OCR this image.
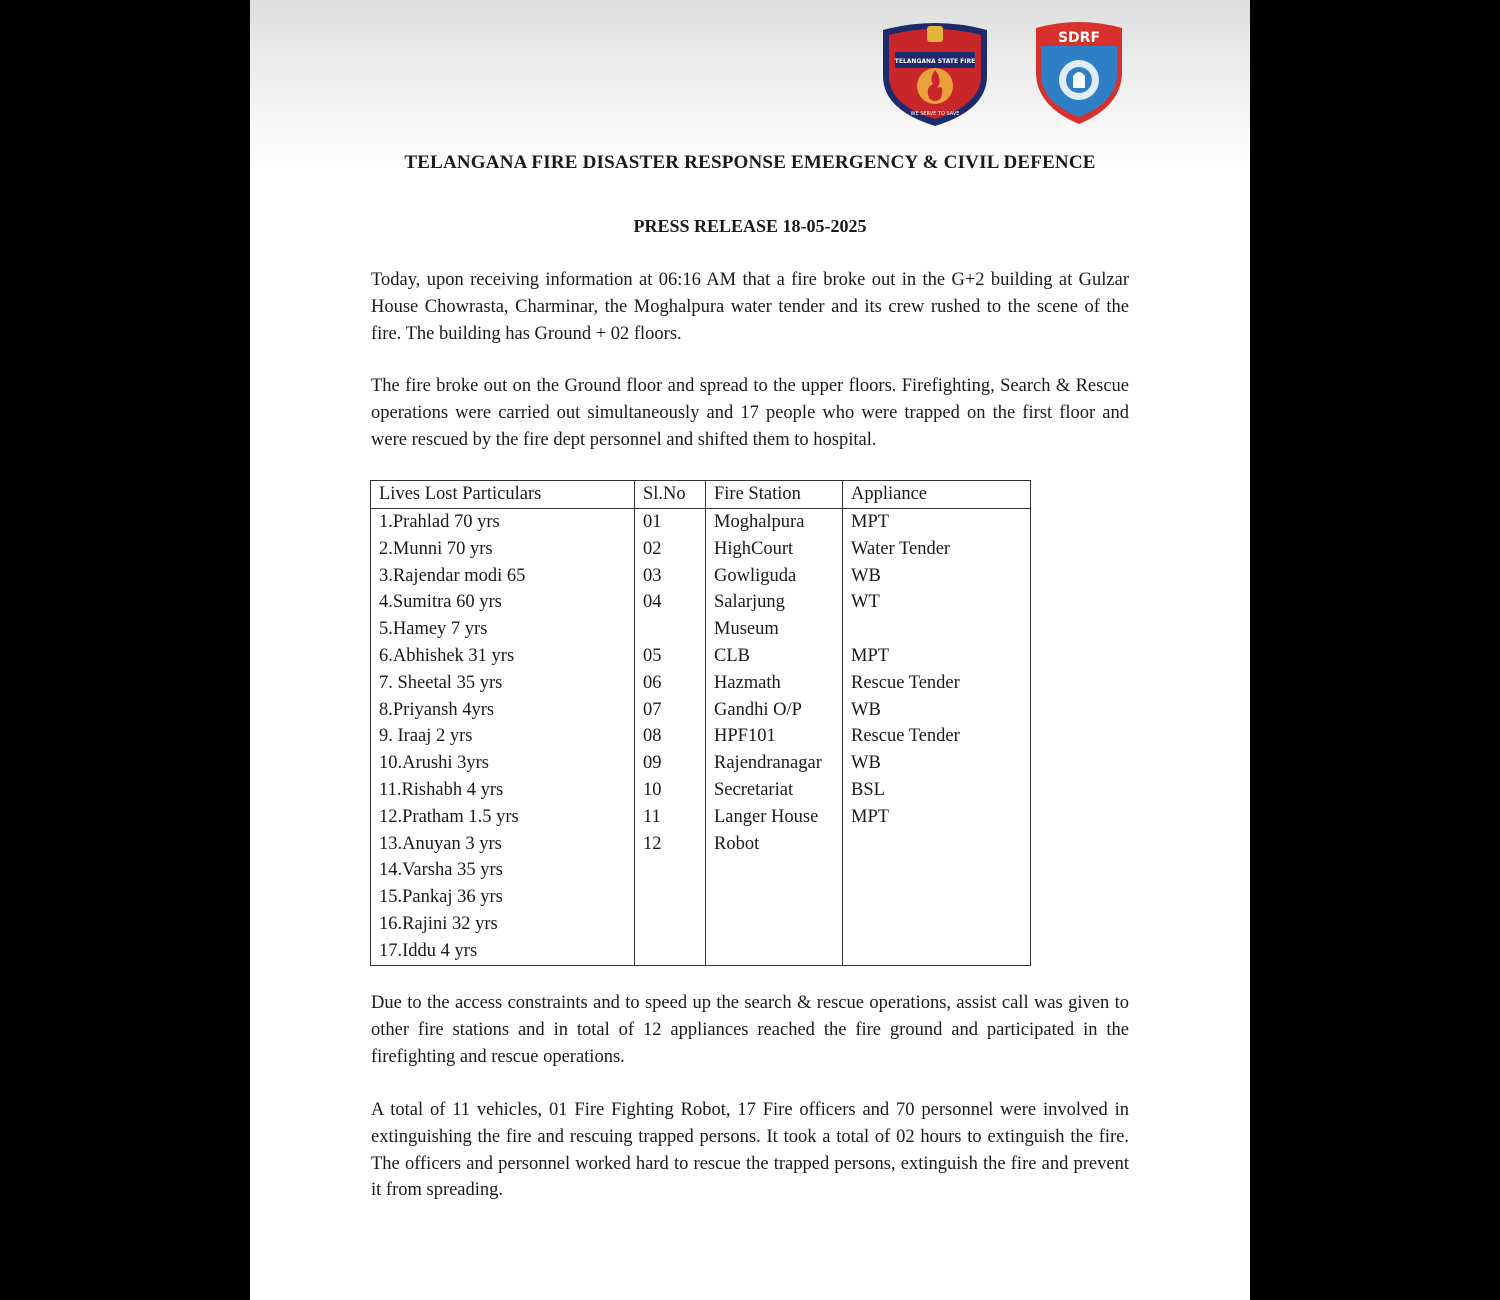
TELANGANA STATE FIRE
WE SERVE TO SAVE
SDRF
TELANGANA FIRE DISASTER RESPONSE EMERGENCY & CIVIL DEFENCE
PRESS RELEASE 18-05-2025

Today, upon receiving information at 06:16 AM that a fire broke out in the G+2 building at Gulzar House Chowrasta, Charminar, the Moghalpura water tender and its crew rushed to the scene of the fire. The building has Ground + 02 floors.

The fire broke out on the Ground floor and spread to the upper floors. Firefighting, Search & Rescue operations were carried out simultaneously and 17 people who were trapped on the first floor and were rescued by the fire dept personnel and shifted them to hospital.

Lives Lost Particulars	Sl.No	Fire Station	Appliance
1.Prahlad 70 yrs	01	Moghalpura	MPT
2.Munni 70 yrs	02	HighCourt	Water Tender
3.Rajendar modi 65	03	Gowliguda	WB
4.Sumitra 60 yrs	04	Salarjung	WT
5.Hamey 7 yrs		Museum	
6.Abhishek 31 yrs	05	CLB	MPT
7. Sheetal 35 yrs	06	Hazmath	Rescue Tender
8.Priyansh 4yrs	07	Gandhi O/P	WB
9. Iraaj 2 yrs	08	HPF101	Rescue Tender
10.Arushi 3yrs	09	Rajendranagar	WB
11.Rishabh 4 yrs	10	Secretariat	BSL
12.Pratham 1.5 yrs	11	Langer House	MPT
13.Anuyan 3 yrs	12	Robot	
14.Varsha 35 yrs			
15.Pankaj 36 yrs			
16.Rajini 32 yrs			
17.Iddu 4 yrs			

Due to the access constraints and to speed up the search & rescue operations, assist call was given to other fire stations and in total of 12 appliances reached the fire ground and participated in the firefighting and rescue operations.

A total of 11 vehicles, 01 Fire Fighting Robot, 17 Fire officers and 70 personnel were involved in extinguishing the fire and rescuing trapped persons. It took a total of 02 hours to extinguish the fire. The officers and personnel worked hard to rescue the trapped persons, extinguish the fire and prevent it from spreading.
